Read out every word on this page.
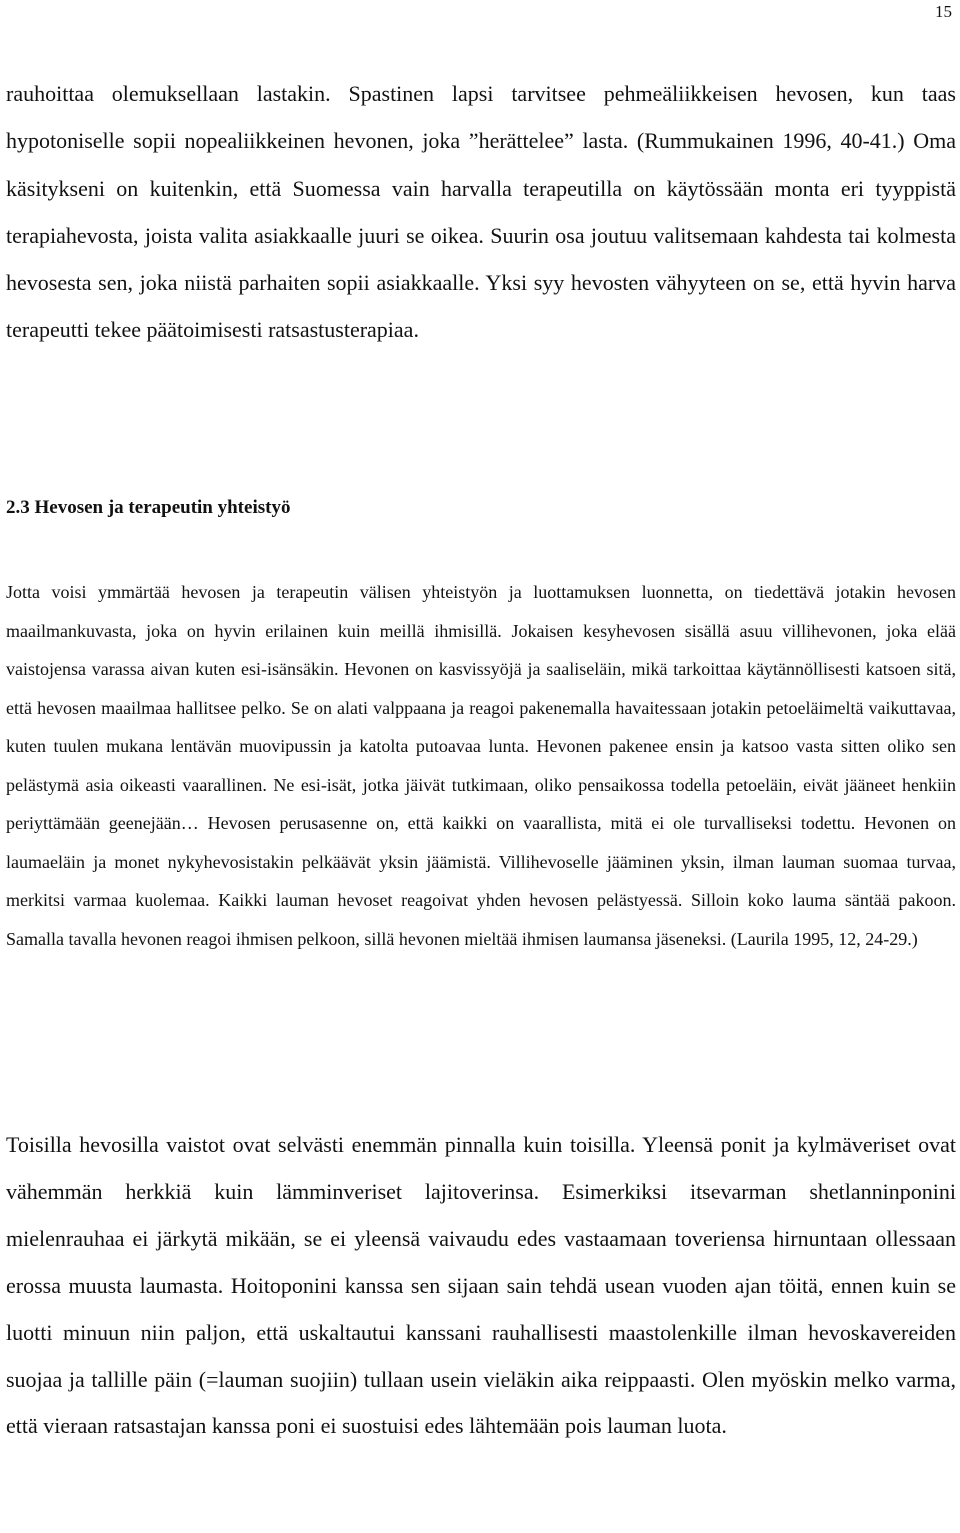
15

rauhoittaa olemuksellaan lastakin. Spastinen lapsi tarvitsee pehmeäliikkeisen hevosen, kun taas hypotoniselle sopii nopealiikkeinen hevonen, joka ”herättelee” lasta. (Rummukainen 1996, 40-41.) Oma käsitykseni on kuitenkin, että Suomessa vain harvalla terapeutilla on käytössään monta eri tyyppistä terapiahevosta, joista valita asiakkaalle juuri se oikea. Suurin osa joutuu valitsemaan kahdesta tai kolmesta hevosesta sen, joka niistä parhaiten sopii asiakkaalle. Yksi syy hevosten vähyyteen on se, että hyvin harva terapeutti tekee päätoimisesti ratsastusterapiaa.

2.3 Hevosen ja terapeutin yhteistyö

Jotta voisi ymmärtää hevosen ja terapeutin välisen yhteistyön ja luottamuksen luonnetta, on tiedettävä jotakin hevosen maailmankuvasta, joka on hyvin erilainen kuin meillä ihmisillä. Jokaisen kesyhevosen sisällä asuu villihevonen, joka elää vaistojensa varassa aivan kuten esi-isänsäkin. Hevonen on kasvissyöjä ja saaliseläin, mikä tarkoittaa käytännöllisesti katsoen sitä, että hevosen maailmaa hallitsee pelko. Se on alati valppaana ja reagoi pakenemalla havaitessaan jotakin petoeläimeltä vaikuttavaa, kuten tuulen mukana lentävän muovipussin ja katolta putoavaa lunta. Hevonen pakenee ensin ja katsoo vasta sitten oliko sen pelästymä asia oikeasti vaarallinen. Ne esi-isät, jotka jäivät tutkimaan, oliko pensaikossa todella petoeläin, eivät jääneet henkiin periyttämään geenejään… Hevosen perusasenne on, että kaikki on vaarallista, mitä ei ole turvalliseksi todettu. Hevonen on laumaeläin ja monet nykyhevosistakin pelkäävät yksin jäämistä. Villihevoselle jääminen yksin, ilman lauman suomaa turvaa, merkitsi varmaa kuolemaa. Kaikki lauman hevoset reagoivat yhden hevosen pelästyessä. Silloin koko lauma säntää pakoon. Samalla tavalla hevonen reagoi ihmisen pelkoon, sillä hevonen mieltää ihmisen laumansa jäseneksi. (Laurila 1995, 12, 24-29.)

Toisilla hevosilla vaistot ovat selvästi enemmän pinnalla kuin toisilla. Yleensä ponit ja kylmäveriset ovat vähemmän herkkiä kuin lämminveriset lajitoverinsa. Esimerkiksi itsevarman shetlanninponini mielenrauhaa ei järkytä mikään, se ei yleensä vaivaudu edes vastaamaan toveriensa hirnuntaan ollessaan erossa muusta laumasta. Hoitoponini kanssa sen sijaan sain tehdä usean vuoden ajan töitä, ennen kuin se luotti minuun niin paljon, että uskaltautui kanssani rauhallisesti maastolenkille ilman hevoskavereiden suojaa ja tallille päin (=lauman suojiin) tullaan usein vieläkin aika reippaasti. Olen myöskin melko varma, että vieraan ratsastajan kanssa poni ei suostuisi edes lähtemään pois lauman luota.
